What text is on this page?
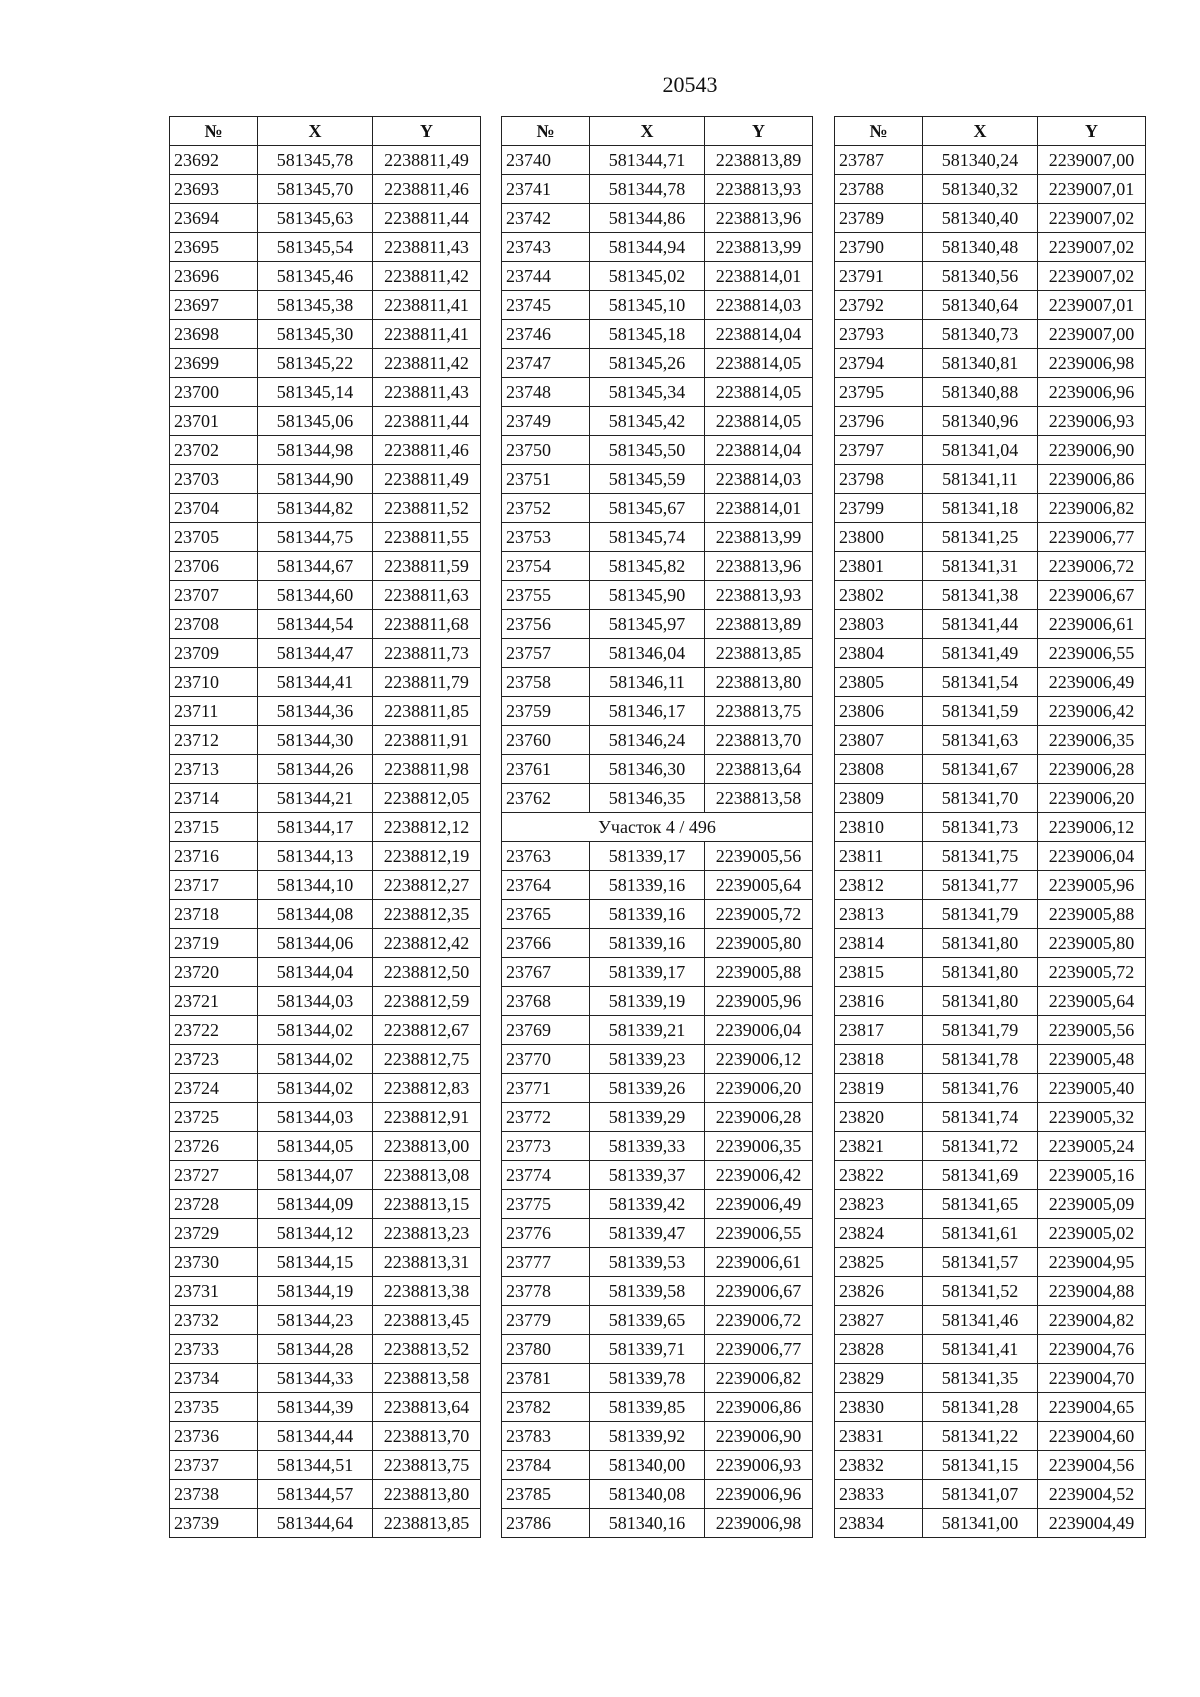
20543
№	X	Y
23692	581345,78	2238811,49
23693	581345,70	2238811,46
23694	581345,63	2238811,44
23695	581345,54	2238811,43
23696	581345,46	2238811,42
23697	581345,38	2238811,41
23698	581345,30	2238811,41
23699	581345,22	2238811,42
23700	581345,14	2238811,43
23701	581345,06	2238811,44
23702	581344,98	2238811,46
23703	581344,90	2238811,49
23704	581344,82	2238811,52
23705	581344,75	2238811,55
23706	581344,67	2238811,59
23707	581344,60	2238811,63
23708	581344,54	2238811,68
23709	581344,47	2238811,73
23710	581344,41	2238811,79
23711	581344,36	2238811,85
23712	581344,30	2238811,91
23713	581344,26	2238811,98
23714	581344,21	2238812,05
23715	581344,17	2238812,12
23716	581344,13	2238812,19
23717	581344,10	2238812,27
23718	581344,08	2238812,35
23719	581344,06	2238812,42
23720	581344,04	2238812,50
23721	581344,03	2238812,59
23722	581344,02	2238812,67
23723	581344,02	2238812,75
23724	581344,02	2238812,83
23725	581344,03	2238812,91
23726	581344,05	2238813,00
23727	581344,07	2238813,08
23728	581344,09	2238813,15
23729	581344,12	2238813,23
23730	581344,15	2238813,31
23731	581344,19	2238813,38
23732	581344,23	2238813,45
23733	581344,28	2238813,52
23734	581344,33	2238813,58
23735	581344,39	2238813,64
23736	581344,44	2238813,70
23737	581344,51	2238813,75
23738	581344,57	2238813,80
23739	581344,64	2238813,85
№	X	Y
23740	581344,71	2238813,89
23741	581344,78	2238813,93
23742	581344,86	2238813,96
23743	581344,94	2238813,99
23744	581345,02	2238814,01
23745	581345,10	2238814,03
23746	581345,18	2238814,04
23747	581345,26	2238814,05
23748	581345,34	2238814,05
23749	581345,42	2238814,05
23750	581345,50	2238814,04
23751	581345,59	2238814,03
23752	581345,67	2238814,01
23753	581345,74	2238813,99
23754	581345,82	2238813,96
23755	581345,90	2238813,93
23756	581345,97	2238813,89
23757	581346,04	2238813,85
23758	581346,11	2238813,80
23759	581346,17	2238813,75
23760	581346,24	2238813,70
23761	581346,30	2238813,64
23762	581346,35	2238813,58
Участок 4 / 496		
23763	581339,17	2239005,56
23764	581339,16	2239005,64
23765	581339,16	2239005,72
23766	581339,16	2239005,80
23767	581339,17	2239005,88
23768	581339,19	2239005,96
23769	581339,21	2239006,04
23770	581339,23	2239006,12
23771	581339,26	2239006,20
23772	581339,29	2239006,28
23773	581339,33	2239006,35
23774	581339,37	2239006,42
23775	581339,42	2239006,49
23776	581339,47	2239006,55
23777	581339,53	2239006,61
23778	581339,58	2239006,67
23779	581339,65	2239006,72
23780	581339,71	2239006,77
23781	581339,78	2239006,82
23782	581339,85	2239006,86
23783	581339,92	2239006,90
23784	581340,00	2239006,93
23785	581340,08	2239006,96
23786	581340,16	2239006,98
№	X	Y
23787	581340,24	2239007,00
23788	581340,32	2239007,01
23789	581340,40	2239007,02
23790	581340,48	2239007,02
23791	581340,56	2239007,02
23792	581340,64	2239007,01
23793	581340,73	2239007,00
23794	581340,81	2239006,98
23795	581340,88	2239006,96
23796	581340,96	2239006,93
23797	581341,04	2239006,90
23798	581341,11	2239006,86
23799	581341,18	2239006,82
23800	581341,25	2239006,77
23801	581341,31	2239006,72
23802	581341,38	2239006,67
23803	581341,44	2239006,61
23804	581341,49	2239006,55
23805	581341,54	2239006,49
23806	581341,59	2239006,42
23807	581341,63	2239006,35
23808	581341,67	2239006,28
23809	581341,70	2239006,20
23810	581341,73	2239006,12
23811	581341,75	2239006,04
23812	581341,77	2239005,96
23813	581341,79	2239005,88
23814	581341,80	2239005,80
23815	581341,80	2239005,72
23816	581341,80	2239005,64
23817	581341,79	2239005,56
23818	581341,78	2239005,48
23819	581341,76	2239005,40
23820	581341,74	2239005,32
23821	581341,72	2239005,24
23822	581341,69	2239005,16
23823	581341,65	2239005,09
23824	581341,61	2239005,02
23825	581341,57	2239004,95
23826	581341,52	2239004,88
23827	581341,46	2239004,82
23828	581341,41	2239004,76
23829	581341,35	2239004,70
23830	581341,28	2239004,65
23831	581341,22	2239004,60
23832	581341,15	2239004,56
23833	581341,07	2239004,52
23834	581341,00	2239004,49
